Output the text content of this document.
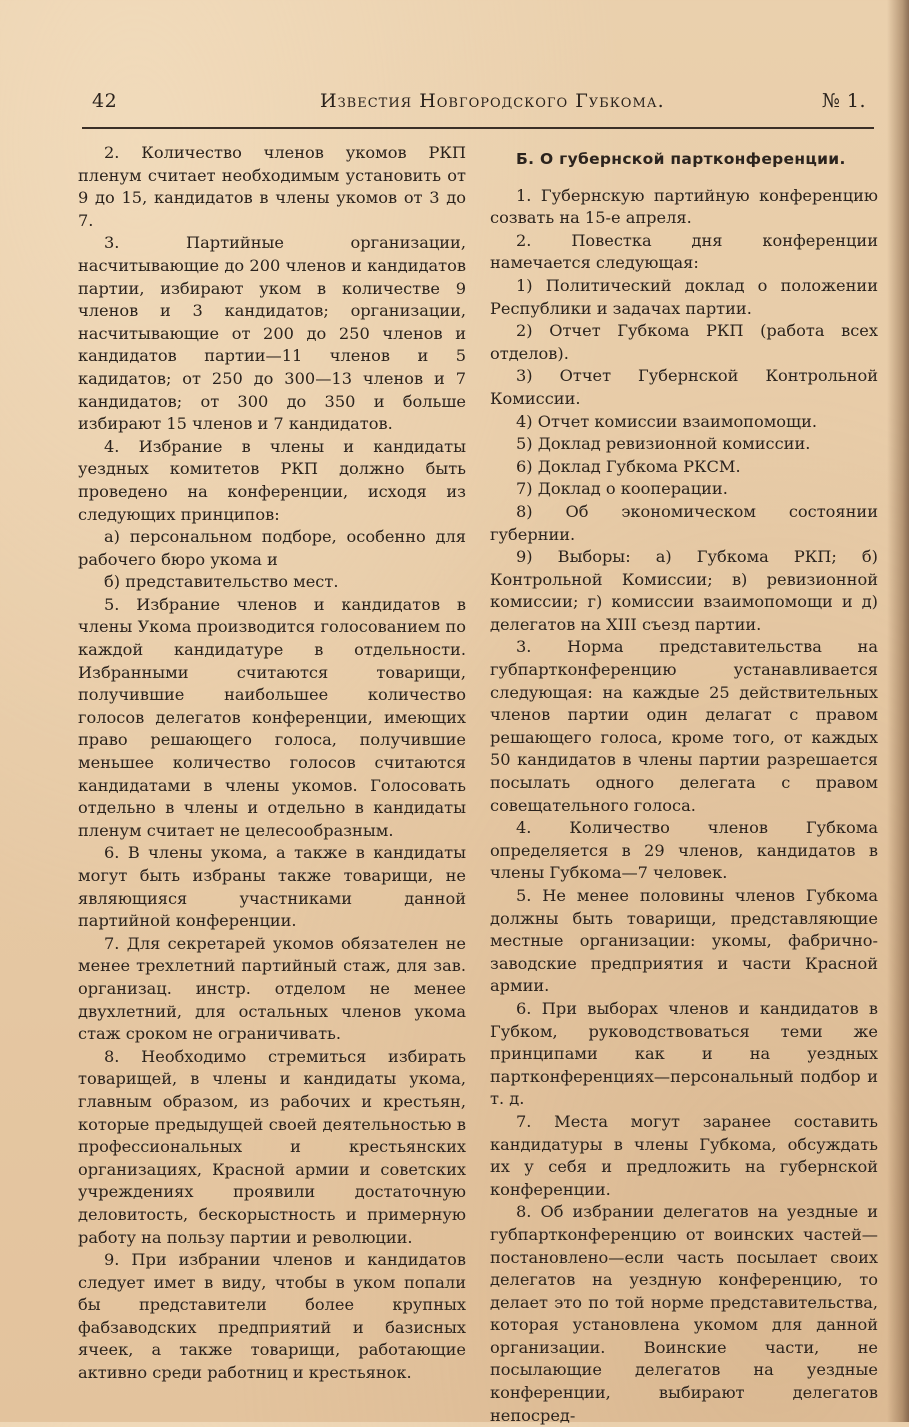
42	Известия Новгородского Губкома.	№ 1.

2. Количество членов укомов РКП пленум считает необходимым установить от 9 до 15, кандидатов в члены укомов от 3 до 7.

3. Партийные организации, насчитывающие до 200 членов и кандидатов партии, избирают уком в количестве 9 членов и 3 кандидатов; организации, насчитывающие от 200 до 250 членов и кандидатов партии—11 членов и 5 кадидатов; от 250 до 300—13 членов и 7 кандидатов; от 300 до 350 и больше избирают 15 членов и 7 кандидатов.

4. Избрание в члены и кандидаты уездных комитетов РКП должно быть проведено на конференции, исходя из следующих принципов:

а) персональном подборе, особенно для рабочего бюро укома и

б) представительство мест.

5. Избрание членов и кандидатов в члены Укома производится голосованием по каждой кандидатуре в отдельности. Избранными считаются товарищи, получившие наибольшее количество голосов делегатов конференции, имеющих право решающего голоса, получившие меньшее количество голосов считаются кандидатами в члены укомов. Голосовать отдельно в члены и отдельно в кандидаты пленум считает не целесообразным.

6. В члены укома, а также в кандидаты могут быть избраны также товарищи, не являющияся участниками данной партийной конференции.

7. Для секретарей укомов обязателен не менее трехлетний партийный стаж, для зав. организац. инстр. отделом не менее двухлетний, для остальных членов укома стаж сроком не ограничивать.

8. Необходимо стремиться избирать товарищей, в члены и кандидаты укома, главным образом, из рабочих и крестьян, которые предыдущей своей деятельностью в профессиональных и крестьянских организациях, Красной армии и советских учреждениях проявили достаточную деловитость, бескорыстность и примерную работу на пользу партии и революции.

9. При избрании членов и кандидатов следует имет в виду, чтобы в уком попали бы представители более крупных фабзаводских предприятий и базисных ячеек, а также товарищи, работающие активно среди работниц и крестьянок.

Б. О губернской партконференции.

1. Губернскую партийную конференцию созвать на 15-е апреля.

2. Повестка дня конференции намечается следующая:

1) Политический доклад о положении Республики и задачах партии.

2) Отчет Губкома РКП (работа всех отделов).

3) Отчет Губернской Контрольной Комиссии.

4) Отчет комиссии взаимопомощи.

5) Доклад ревизионной комиссии.

6) Доклад Губкома РКСМ.

7) Доклад о кооперации.

8) Об экономическом состоянии губернии.

9) Выборы: а) Губкома РКП; б) Контрольной Комиссии; в) ревизионной комиссии; г) комиссии взаимопомощи и д) делегатов на XIII съезд партии.

3. Норма представительства на губпартконференцию устанавливается следующая: на каждые 25 действительных членов партии один делагат с правом решающего голоса, кроме того, от каждых 50 кандидатов в члены партии разрешается посылать одного делегата с правом совещательного голоса.

4. Количество членов Губкома определяется в 29 членов, кандидатов в члены Губкома—7 человек.

5. Не менее половины членов Губкома должны быть товарищи, представляющие местные организации: укомы, фабрично-заводские предприятия и части Красной армии.

6. При выборах членов и кандидатов в Губком, руководствоваться теми же принципами как и на уездных партконференциях—персональный подбор и т. д.

7. Места могут заранее составить кандидатуры в члены Губкома, обсуждать их у себя и предложить на губернской конференции.

8. Об избрании делегатов на уездные и губпартконференцию от воинских частей—постановлено—если часть посылает своих делегатов на уездную конференцию, то делает это по той норме представительства, которая установлена укомом для данной организации. Воинские части, не посылающие делегатов на уездные конференции, выбирают делегатов непосред-
